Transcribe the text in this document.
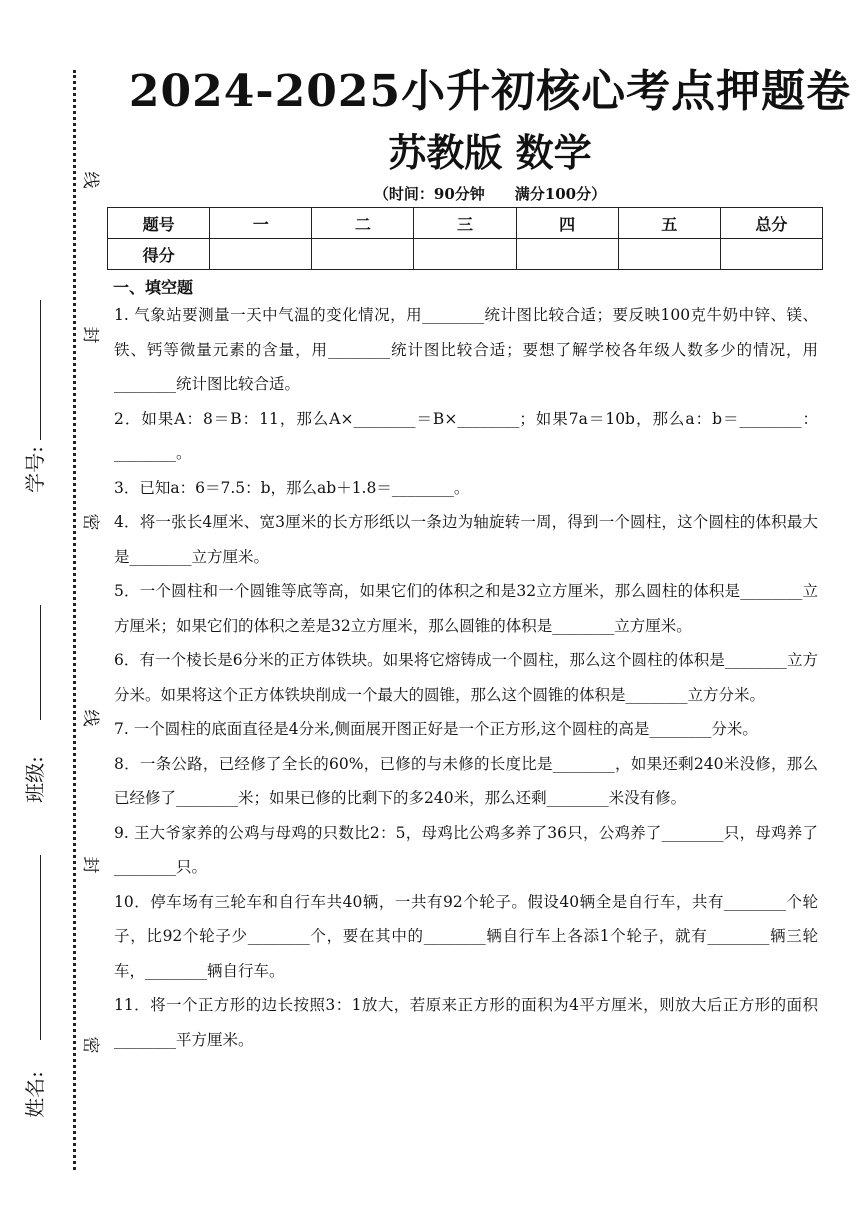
线
封
密
线
封
密
学号:
班级:
姓名:
2024-2025小升初核心考点押题卷
苏教版 数学
（时间：90分钟　　满分100分）
题号	一	二	三	四	五	总分
得分						
一、填空题

1. 气象站要测量一天中气温的变化情况，用________统计图比较合适；要反映100克牛奶中锌、镁、铁、钙等微量元素的含量，用________统计图比较合适；要想了解学校各年级人数多少的情况，用________统计图比较合适。

2．如果A：8＝B：11，那么A×________＝B×________；如果7a＝10b，那么a：b＝________：________。

3．已知a：6＝7.5：b，那么ab＋1.8＝________。

4．将一张长4厘米、宽3厘米的长方形纸以一条边为轴旋转一周，得到一个圆柱，这个圆柱的体积最大是________立方厘米。

5．一个圆柱和一个圆锥等底等高，如果它们的体积之和是32立方厘米，那么圆柱的体积是________立方厘米；如果它们的体积之差是32立方厘米，那么圆锥的体积是________立方厘米。

6．有一个棱长是6分米的正方体铁块。如果将它熔铸成一个圆柱，那么这个圆柱的体积是________立方分米。如果将这个正方体铁块削成一个最大的圆锥，那么这个圆锥的体积是________立方分米。

7. 一个圆柱的底面直径是4分米,侧面展开图正好是一个正方形,这个圆柱的高是________分米。

8．一条公路，已经修了全长的60%，已修的与未修的长度比是________，如果还剩240米没修，那么已经修了________米；如果已修的比剩下的多240米，那么还剩________米没有修。

9. 王大爷家养的公鸡与母鸡的只数比2：5，母鸡比公鸡多养了36只，公鸡养了________只，母鸡养了________只。

10．停车场有三轮车和自行车共40辆，一共有92个轮子。假设40辆全是自行车，共有________个轮子，比92个轮子少________个，要在其中的________辆自行车上各添1个轮子，就有________辆三轮车，________辆自行车。

11．将一个正方形的边长按照3：1放大，若原来正方形的面积为4平方厘米，则放大后正方形的面积 ________平方厘米。
